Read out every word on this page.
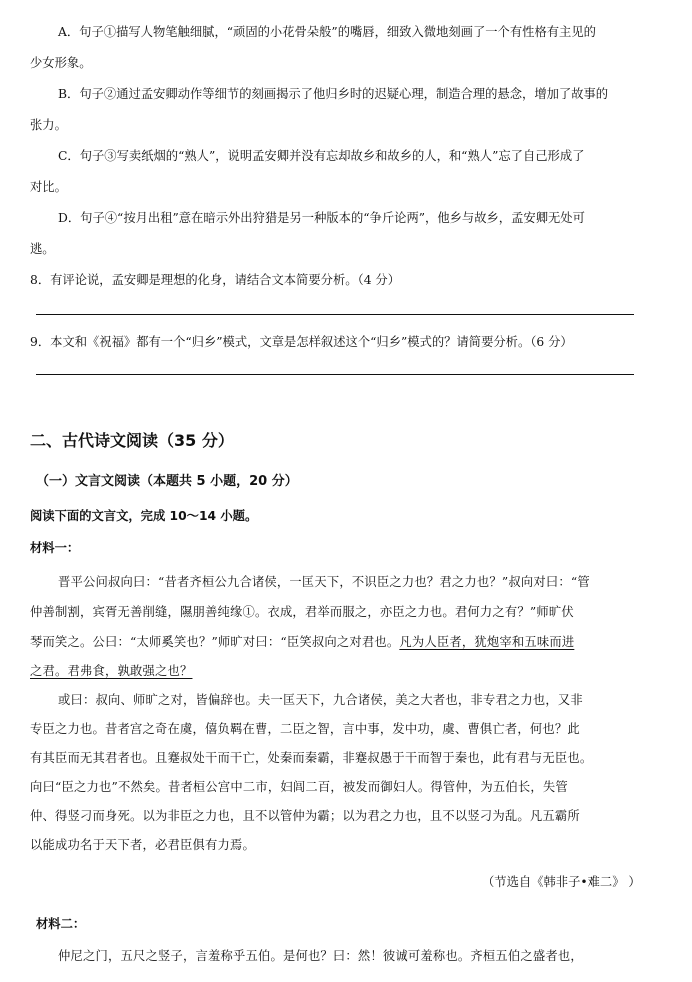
A．句子①描写人物笔触细腻，“顽固的小花骨朵般”的嘴唇，细致入微地刻画了一个有性格有主见的
少女形象。
B．句子②通过孟安卿动作等细节的刻画揭示了他归乡时的迟疑心理，制造合理的悬念，增加了故事的
张力。
C．句子③写卖纸烟的“熟人”，说明孟安卿并没有忘却故乡和故乡的人，和“熟人”忘了自己形成了
对比。
D．句子④“按月出租”意在暗示外出狩猎是另一种版本的“争斤论两”，他乡与故乡，孟安卿无处可
逃。
8．有评论说，孟安卿是理想的化身，请结合文本简要分析。（4 分）
9．本文和《祝福》都有一个“归乡”模式，文章是怎样叙述这个“归乡”模式的？请简要分析。（6 分）
二、古代诗文阅读（35 分）
（一）文言文阅读（本题共 5 小题，20 分）
阅读下面的文言文，完成 10～14 小题。
材料一：
晋平公问叔向曰：“昔者齐桓公九合诸侯，一匡天下，不识臣之力也？君之力也？”叔向对曰：“管
仲善制割，宾胥无善削缝，隰朋善纯缘①。衣成，君举而服之，亦臣之力也。君何力之有？”师旷伏
琴而笑之。公曰：“太师奚笑也？”师旷对曰：“臣笑叔向之对君也。凡为人臣者，犹炮宰和五味而进
之君。君弗食，孰敢强之也？
或曰：叔向、师旷之对，皆偏辞也。夫一匡天下，九合诸侯，美之大者也，非专君之力也，又非
专臣之力也。昔者宫之奇在虞，僖负羁在曹，二臣之智，言中事，发中功，虞、曹俱亡者，何也？此
有其臣而无其君者也。且蹇叔处干而干亡，处秦而秦霸，非蹇叔愚于干而智于秦也，此有君与无臣也。
向曰“臣之力也”不然矣。昔者桓公宫中二市，妇闾二百，被发而御妇人。得管仲，为五伯长，失管
仲、得竖刁而身死。以为非臣之力也，且不以管仲为霸；以为君之力也，且不以竖刁为乱。凡五霸所
以能成功名于天下者，必君臣俱有力焉。
（节选自《韩非子•难二》 ）
材料二：
仲尼之门，五尺之竖子，言羞称乎五伯。是何也？曰：然！彼诚可羞称也。齐桓五伯之盛者也，
